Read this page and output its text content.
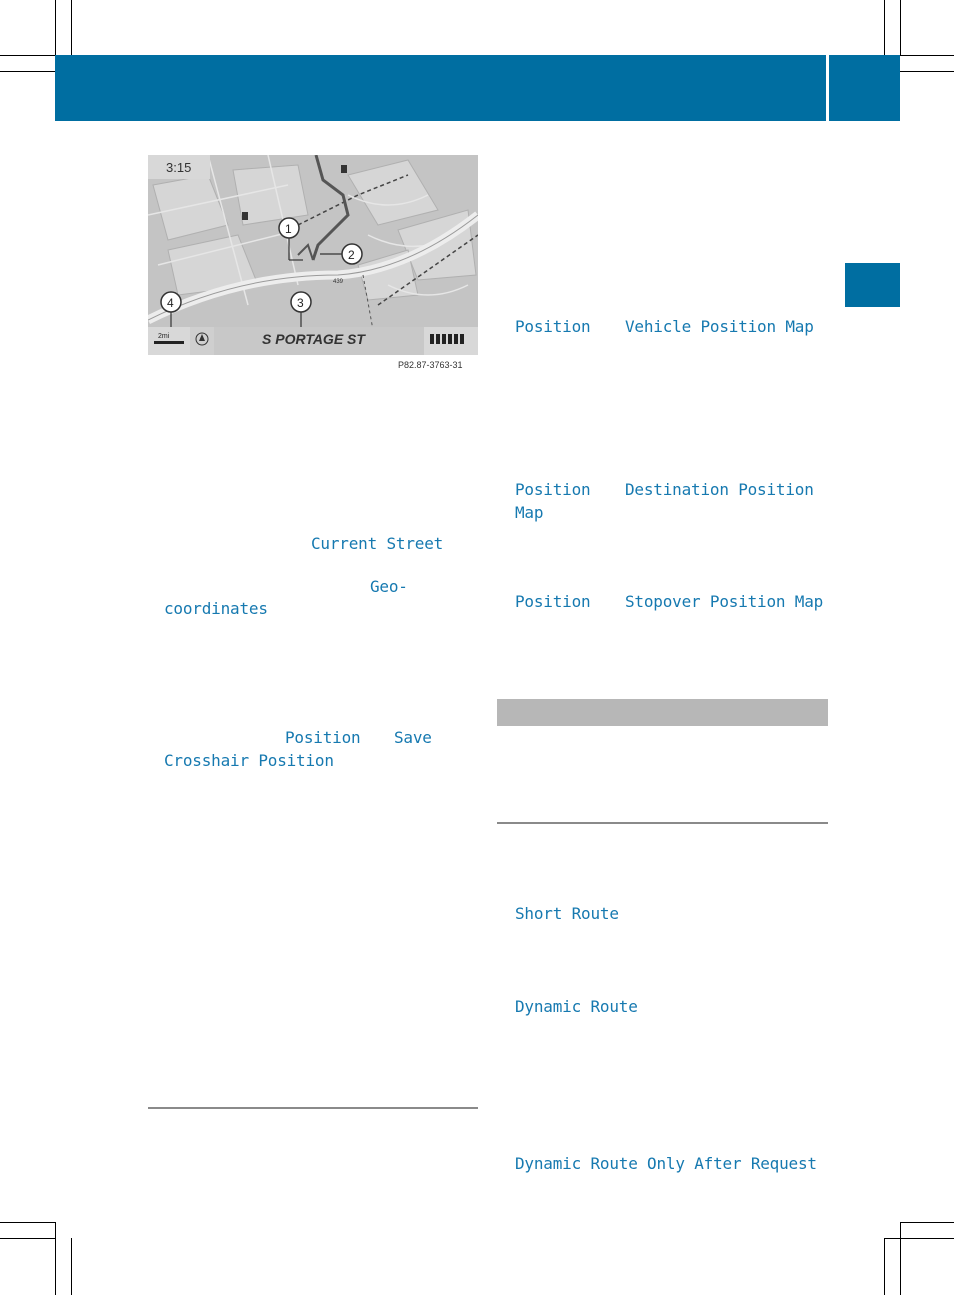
439
3:15
1
2
3
4
2mi	S PORTAGE ST
P82.87-3763-31
Current Street
Geo-
coordinates
Position Save
Crosshair Position
Position Vehicle Position Map
Position Destination Position
Map
Position Stopover Position Map
Short Route
Dynamic Route
Dynamic Route Only After Request
